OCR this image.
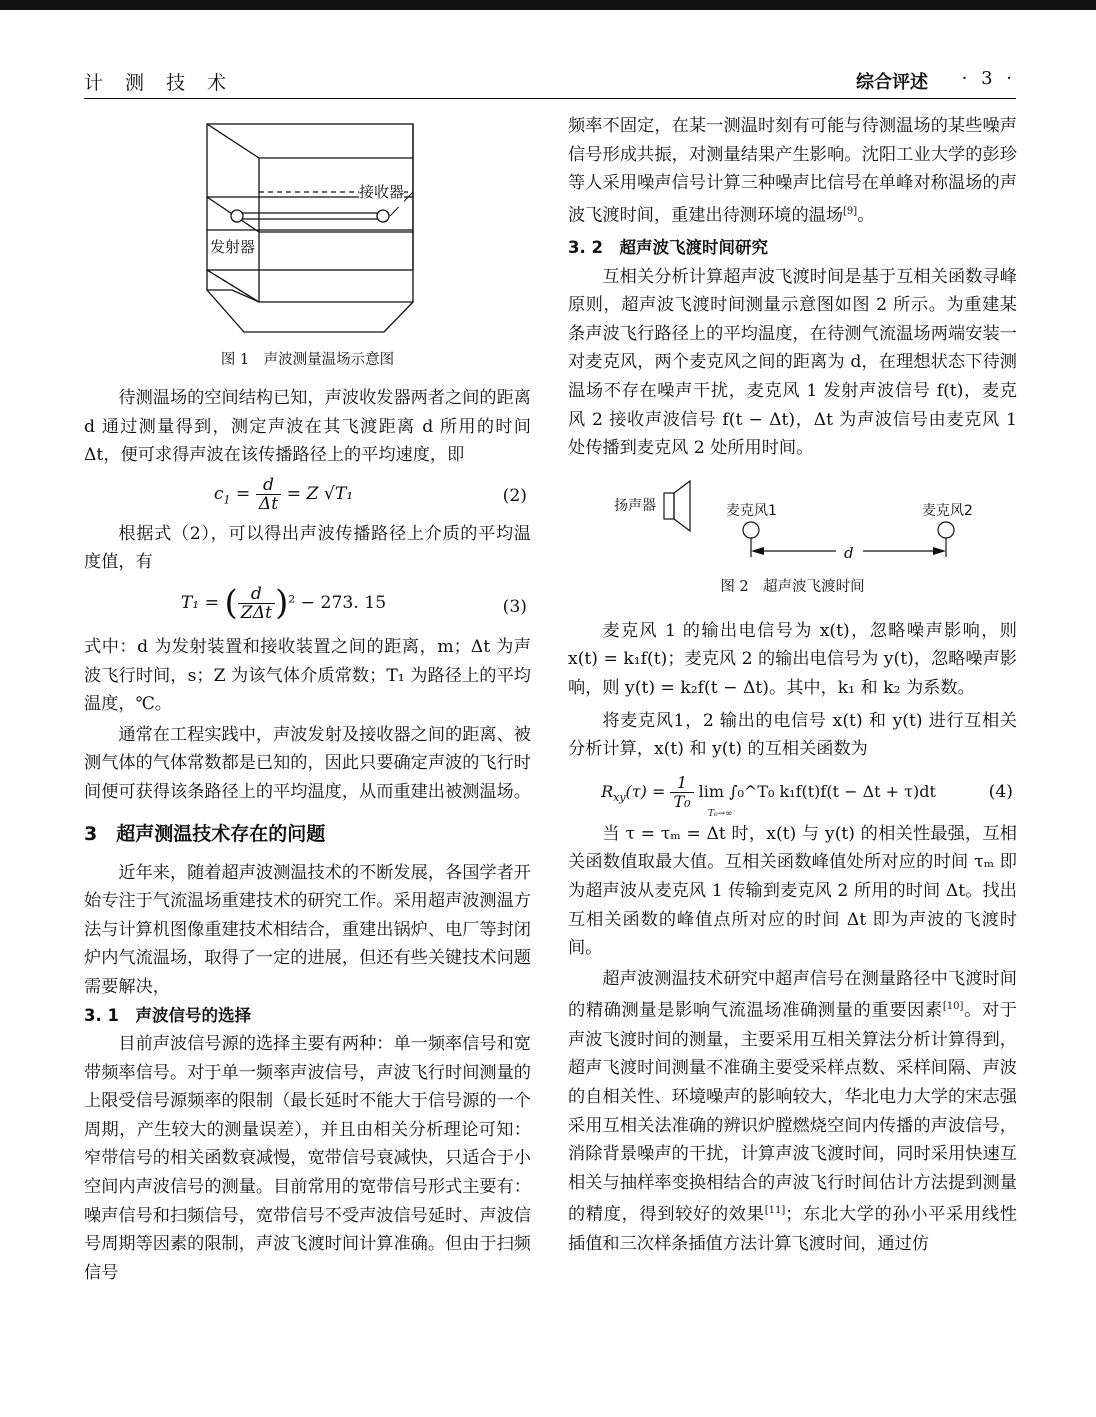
计 测 技 术	综合评述 · 3 ·
接收器
发射器
图 1　声波测量温场示意图

待测温场的空间结构已知，声波收发器两者之间的距离 d 通过测量得到，测定声波在其飞渡距离 d 所用的时间 Δt，便可求得声波在该传播路径上的平均速度，即

$c_1 = \frac{d}{\Delta t} = Z$ √T₁	(2)

根据式（2），可以得出声波传播路径上介质的平均温度值，有

T₁ = ( $\frac{d}{\text{ZΔt}} )^2 - 273$. 15	(3)

式中：d 为发射装置和接收装置之间的距离，m；Δt 为声波飞行时间，s；Z 为该气体介质常数；T₁ 为路径上的平均温度，℃。

通常在工程实践中，声波发射及接收器之间的距离、被测气体的气体常数都是已知的，因此只要确定声波的飞行时间便可获得该条路径上的平均温度，从而重建出被测温场。

3　超声测温技术存在的问题

近年来，随着超声波测温技术的不断发展，各国学者开始专注于气流温场重建技术的研究工作。采用超声波测温方法与计算机图像重建技术相结合，重建出锅炉、电厂等封闭炉内气流温场，取得了一定的进展，但还有些关键技术问题需要解决，

3. 1　声波信号的选择

目前声波信号源的选择主要有两种：单一频率信号和宽带频率信号。对于单一频率声波信号，声波飞行时间测量的上限受信号源频率的限制（最长延时不能大于信号源的一个周期，产生较大的测量误差），并且由相关分析理论可知：窄带信号的相关函数衰减慢，宽带信号衰减快，只适合于小空间内声波信号的测量。目前常用的宽带信号形式主要有：噪声信号和扫频信号，宽带信号不受声波信号延时、声波信号周期等因素的限制，声波飞渡时间计算准确。但由于扫频信号

频率不固定，在某一测温时刻有可能与待测温场的某些噪声信号形成共振，对测量结果产生影响。沈阳工业大学的彭珍等人采用噪声信号计算三种噪声比信号在单峰对称温场的声波飞渡时间，重建出待测环境的温场[9]。

3. 2　超声波飞渡时间研究

互相关分析计算超声波飞渡时间是基于互相关函数寻峰原则，超声波飞渡时间测量示意图如图 2 所示。为重建某条声波飞行路径上的平均温度，在待测气流温场两端安装一对麦克风，两个麦克风之间的距离为 d，在理想状态下待测温场不存在噪声干扰，麦克风 1 发射声波信号 f(t)，麦克风 2 接收声波信号 f(t − Δt)，Δt 为声波信号由麦克风 1 处传播到麦克风 2 处所用时间。

扬声器	麦克风1	麦克风2
d
图 2　超声波飞渡时间

麦克风 1 的输出电信号为 x(t)，忽略噪声影响，则 x(t) = k₁f(t)；麦克风 2 的输出电信号为 y(t)，忽略噪声影响，则 y(t) = k₂f(t − Δt)。其中，k₁ 和 k₂ 为系数。

将麦克风1，2 输出的电信号 x(t) 和 y(t) 进行互相关分析计算，x(t) 和 y(t) 的互相关函数为

$R_{xy}(\tau) = \frac{1}{\text{T₀}}$ lim ∫₀^T₀ k₁f(t)f(t − Δt + τ)dt
T₀→∞
(4)

当 τ = τₘ = Δt 时，x(t) 与 y(t) 的相关性最强，互相关函数值取最大值。互相关函数峰值处所对应的时间 τₘ 即为超声波从麦克风 1 传输到麦克风 2 所用的时间 Δt。找出互相关函数的峰值点所对应的时间 Δt 即为声波的飞渡时间。

超声波测温技术研究中超声信号在测量路径中飞渡时间的精确测量是影响气流温场准确测量的重要因素[10]。对于声波飞渡时间的测量，主要采用互相关算法分析计算得到，超声飞渡时间测量不准确主要受采样点数、采样间隔、声波的自相关性、环境噪声的影响较大，华北电力大学的宋志强采用互相关法准确的辨识炉膛燃烧空间内传播的声波信号，消除背景噪声的干扰，计算声波飞渡时间，同时采用快速互相关与抽样率变换相结合的声波飞行时间估计方法提到测量的精度，得到较好的效果[11]；东北大学的孙小平采用线性插值和三次样条插值方法计算飞渡时间，通过仿
